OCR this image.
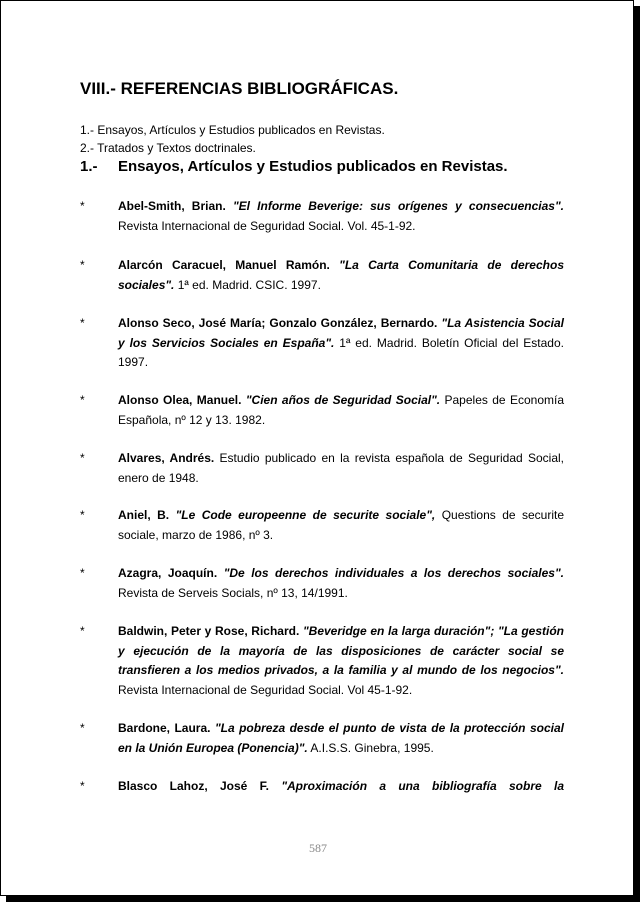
VIII.- REFERENCIAS BIBLIOGRÁFICAS.
1.- Ensayos, Artículos y Estudios publicados en Revistas.
2.- Tratados y Textos doctrinales.
1.- Ensayos, Artículos y Estudios publicados en Revistas.
*	Abel-Smith, Brian. "El Informe Beverige: sus orígenes y consecuencias". Revista Internacional de Seguridad Social. Vol. 45-1-92.
*	Alarcón Caracuel, Manuel Ramón. "La Carta Comunitaria de derechos sociales". 1ª ed. Madrid. CSIC. 1997.
*	Alonso Seco, José María; Gonzalo González, Bernardo. "La Asistencia Social y los Servicios Sociales en España". 1ª ed. Madrid. Boletín Oficial del Estado. 1997.
*	Alonso Olea, Manuel. "Cien años de Seguridad Social". Papeles de Economía Española, nº 12 y 13. 1982.
*	Alvares, Andrés. Estudio publicado en la revista española de Seguridad Social, enero de 1948.
*	Aniel, B. "Le Code europeenne de securite sociale", Questions de securite sociale, marzo de 1986, nº 3.
*	Azagra, Joaquín. "De los derechos individuales a los derechos sociales". Revista de Serveis Socials, nº 13, 14/1991.
*	Baldwin, Peter y Rose, Richard. "Beveridge en la larga duración"; "La gestión y ejecución de la mayoría de las disposiciones de carácter social se transfieren a los medios privados, a la familia y al mundo de los negocios". Revista Internacional de Seguridad Social. Vol 45-1-92.
*	Bardone, Laura. "La pobreza desde el punto de vista de la protección social en la Unión Europea (Ponencia)". A.I.S.S. Ginebra, 1995.
*	Blasco Lahoz, José F. "Aproximación a una bibliografía sobre la
587
